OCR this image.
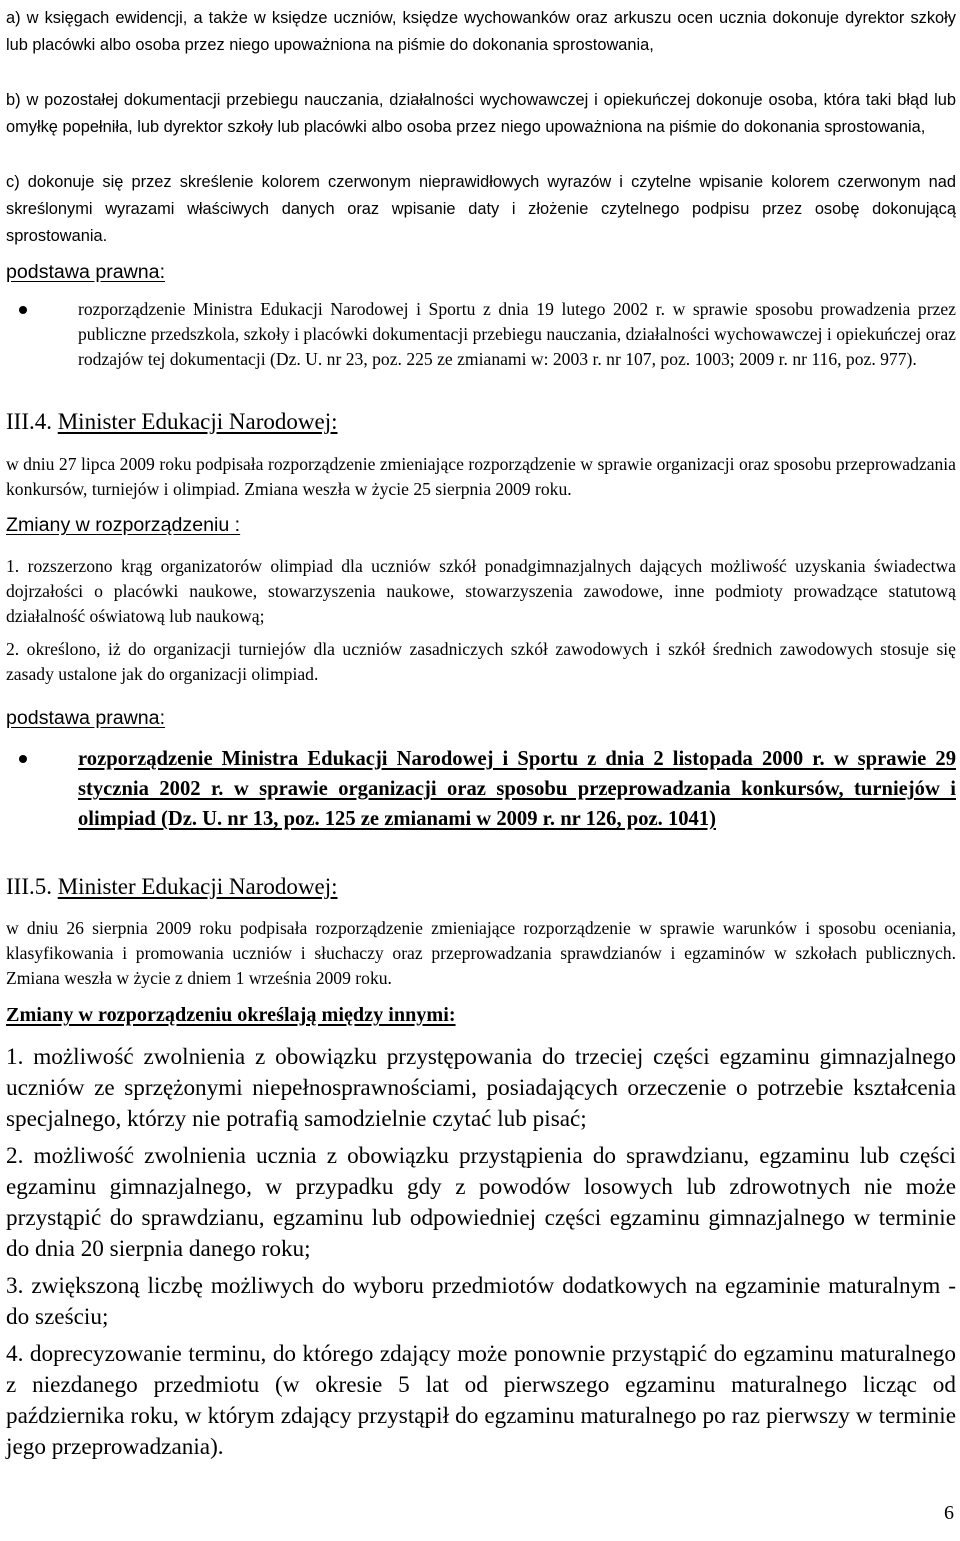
a) w księgach ewidencji, a także w księdze uczniów, księdze wychowanków oraz arkuszu ocen ucznia dokonuje dyrektor szkoły lub placówki albo osoba przez niego upoważniona na piśmie do dokonania sprostowania,

b) w pozostałej dokumentacji przebiegu nauczania, działalności wychowawczej i opiekuńczej dokonuje osoba, która taki błąd lub omyłkę popełniła, lub dyrektor szkoły lub placówki albo osoba przez niego upoważniona na piśmie do dokonania sprostowania,

c) dokonuje się przez skreślenie kolorem czerwonym nieprawidłowych wyrazów i czytelne wpisanie kolorem czerwonym nad skreślonymi wyrazami właściwych danych oraz wpisanie daty i złożenie czytelnego podpisu przez osobę dokonującą sprostowania.

podstawa prawna:
rozporządzenie Ministra Edukacji Narodowej i Sportu z dnia 19 lutego 2002 r. w sprawie sposobu prowadzenia przez publiczne przedszkola, szkoły i placówki dokumentacji przebiegu nauczania, działalności wychowawczej i opiekuńczej oraz rodzajów tej dokumentacji (Dz. U. nr 23, poz. 225 ze zmianami w: 2003 r. nr 107, poz. 1003; 2009 r. nr 116, poz. 977).
III.4. Minister Edukacji Narodowej:

w dniu 27 lipca 2009 roku podpisała rozporządzenie zmieniające rozporządzenie w sprawie organizacji oraz sposobu przeprowadzania konkursów, turniejów i olimpiad. Zmiana weszła w życie 25 sierpnia 2009 roku.

Zmiany w rozporządzeniu :

1. rozszerzono krąg organizatorów olimpiad dla uczniów szkół ponadgimnazjalnych dających możliwość uzyskania świadectwa dojrzałości o placówki naukowe, stowarzyszenia naukowe, stowarzyszenia zawodowe, inne podmioty prowadzące statutową działalność oświatową lub naukową;

2. określono, iż do organizacji turniejów dla uczniów zasadniczych szkół zawodowych i szkół średnich zawodowych stosuje się zasady ustalone jak do organizacji olimpiad.

podstawa prawna:
rozporządzenie Ministra Edukacji Narodowej i Sportu z dnia 2 listopada 2000 r. w sprawie 29 stycznia 2002 r. w sprawie organizacji oraz sposobu przeprowadzania konkursów, turniejów i olimpiad (Dz. U. nr 13, poz. 125 ze zmianami w 2009 r. nr 126, poz. 1041)
III.5. Minister Edukacji Narodowej:

w dniu 26 sierpnia 2009 roku podpisała rozporządzenie zmieniające rozporządzenie w sprawie warunków i sposobu oceniania, klasyfikowania i promowania uczniów i słuchaczy oraz przeprowadzania sprawdzianów i egzaminów w szkołach publicznych. Zmiana weszła w życie z dniem 1 września 2009 roku.

Zmiany w rozporządzeniu określają między innymi:

1. możliwość zwolnienia z obowiązku przystępowania do trzeciej części egzaminu gimnazjalnego uczniów ze sprzężonymi niepełnosprawnościami, posiadających orzeczenie o potrzebie kształcenia specjalnego, którzy nie potrafią samodzielnie czytać lub pisać;

2. możliwość zwolnienia ucznia z obowiązku przystąpienia do sprawdzianu, egzaminu lub części egzaminu gimnazjalnego, w przypadku gdy z powodów losowych lub zdrowotnych nie może przystąpić do sprawdzianu, egzaminu lub odpowiedniej części egzaminu gimnazjalnego w terminie do dnia 20 sierpnia danego roku;

3. zwiększoną liczbę możliwych do wyboru przedmiotów dodatkowych na egzaminie maturalnym - do sześciu;

4. doprecyzowanie terminu, do którego zdający może ponownie przystąpić do egzaminu maturalnego z niezdanego przedmiotu (w okresie 5 lat od pierwszego egzaminu maturalnego licząc od października roku, w którym zdający przystąpił do egzaminu maturalnego po raz pierwszy w terminie jego przeprowadzania).

6
